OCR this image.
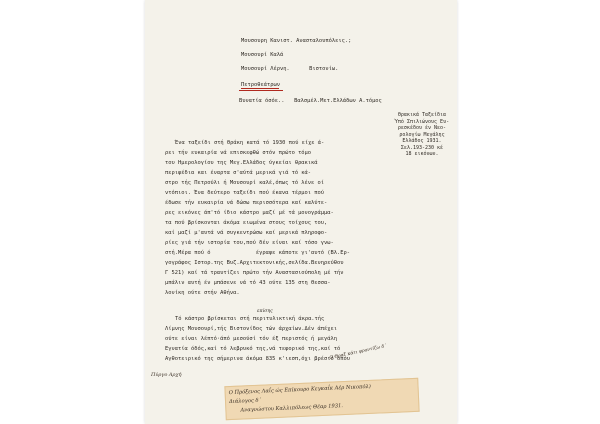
Μουσουρη Κανιστ. Ανασταλουπόλεις.;
Μουσουρί Καλά
Μουσουρί Λέρνη.      Βιστονίω.
Πετροθεάτρων
Βυνατία όσόε..   Βαλσμέλ.Μετ.Ελλάδων Α.τόμος
Θρακικά Ταξείδια
Ύπό Σπιλιώνους Ευ-
ρεσκέδου έν Νεο-
ρολογίω Μεγάλης
Ελλάδος 1931.
Σελ.193-230 κέ
18 εικόνων.
Ένα ταξείδι στή Θράκη κατά τό 1930 πού είχε ά-
ρει τήν ευκαιρία νά επισκεφθώ στόν πρώτο τόμο
του Ημερολογίου της Μεγ.Ελλάδος ύγκείαι θρακικά
περιφέδια και έναρτα σ'αύτά μερικά γιά τό κά-
στρο τής Πετρούλι ή Μουσουρί καλέ,όπως τό λένε οί
ντόπιοι. Ένα δεύτερο ταξείδι πού έκανα τέρμοι πού
έδωσε τήν ευκαιρία νά δώσω περισσότερα καί καλύτε-
ρες εικόνες άπ'τό ίδιο κάστρο μαζί μέ τά μονογράμμα-
τα πού βρίσκονται άκόμα ειωμένα στους τοίχους του,
καί μαζί μ'αυτά νά συγκεντρώσω καί μερικά πληροφο-
ρίες γιά τήν ιστορία του,πού δέν είναι καί τόσο γνω-
στή.Μέρα πού ό              έγραψε κάποτε γι'αυτό (Βλ.Ερ-
γογράφος Ιστορ.της Βυζ.Αρχιτεκτονικής,σελίδα.Βενηρεύθου
Γ 521) καί τά τραυτίζει πρώτο τήν Αναστασιούπολη μέ τήν
μπάλιν αυτή έν μπάσενε νά τό 43 ούτε 135 στη Θεσσα-
λονίκη ούτε στήν Αθήνα.
επίσης
Τό κάστρο βρίσκεται στή περιτυλικτική άκρα.τής
Λίμνης Μουσουρί,τής Βιστονίδος τών άρχαίων.Δέν άπέχει
ούτε είναι λέπτό·άπό μεσούσί τόν έξ περιστός ή μεγάλη
Εγνατία όδός,καί τό λεβρυκό της,νά τεφορικό της,καί τό
Αγθοτειρικό της σήμερινα άκόμα 835 κ'ιεσπ,όχι βρέσιό όπου
Πύργο Αρχή
Ο Θραξ κάτι φροντίζω δ΄
Ο Πρόξενος Λαΐς ώς Επίκουρο Κεγκαΐκ Αέρ Νικοπόλ)
Διάλογος δ΄
Αναγνώστου Καλλιπόλεως Θέαρ 1931.
